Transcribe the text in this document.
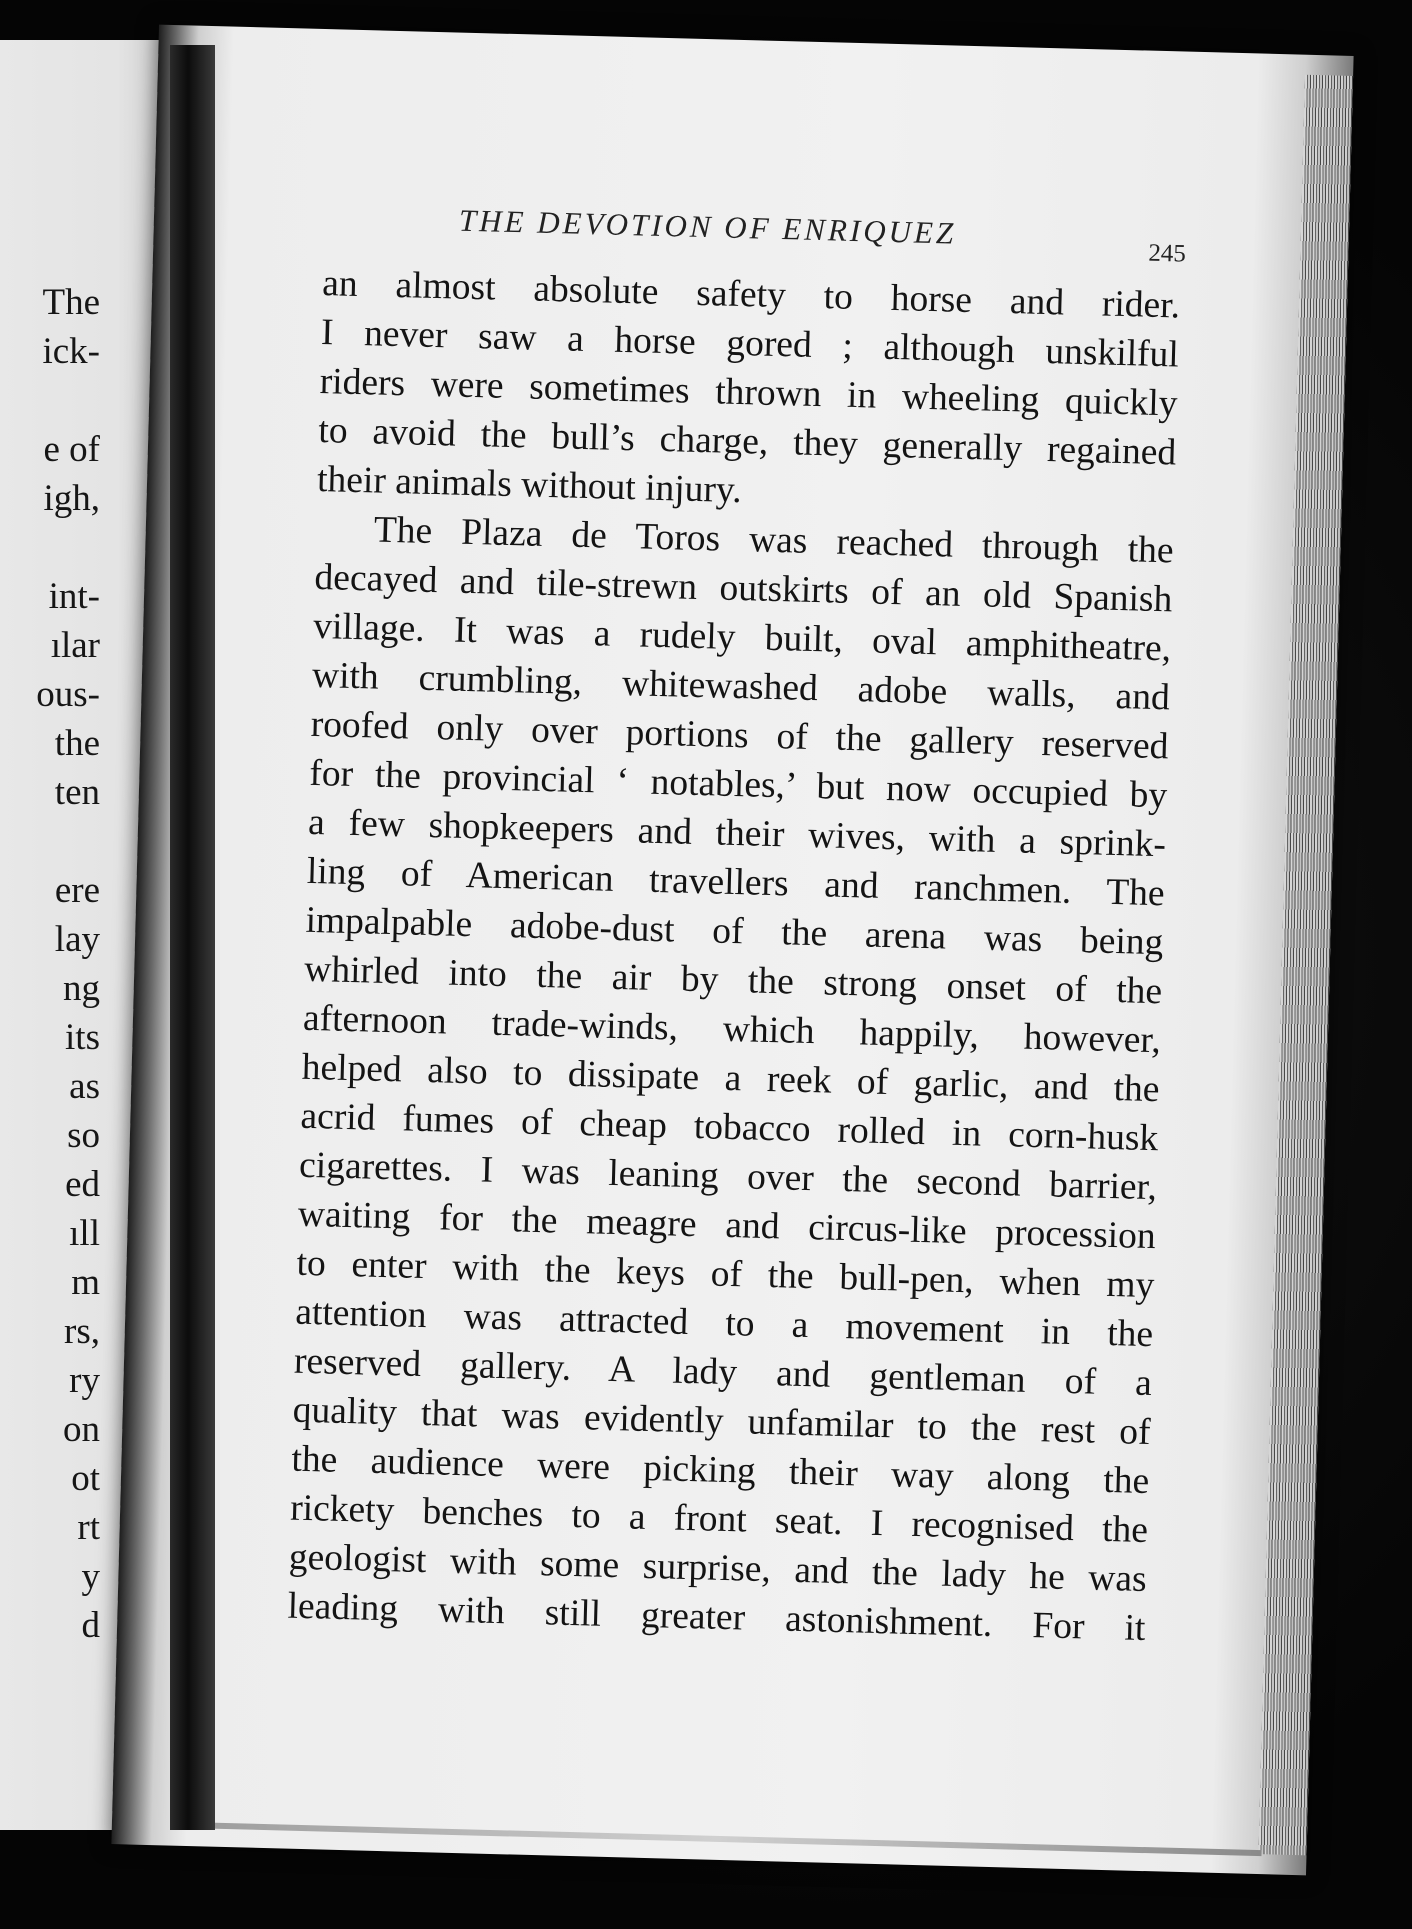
The
ick-
e of
igh,
int-
ılar
ous-
the
ten
ere
lay
ng
its
as
so
ed
ıll
m
rs,
ry
on
ot
rt
y
d
THE DEVOTION OF ENRIQUEZ
245
an almost absolute safety to horse and rider.
I never saw a horse gored ; although unskilful
riders were sometimes thrown in wheeling quickly
to avoid the bull’s charge, they generally regained
their animals without injury.
The Plaza de Toros was reached through the
decayed and tile-strewn outskirts of an old Spanish
village. It was a rudely built, oval amphitheatre,
with crumbling, whitewashed adobe walls, and
roofed only over portions of the gallery reserved
for the provincial ‘ notables,’ but now occupied by
a few shopkeepers and their wives, with a sprink-
ling of American travellers and ranchmen. The
impalpable adobe-dust of the arena was being
whirled into the air by the strong onset of the
afternoon trade-winds, which happily, however,
helped also to dissipate a reek of garlic, and the
acrid fumes of cheap tobacco rolled in corn-husk
cigarettes. I was leaning over the second barrier,
waiting for the meagre and circus-like procession
to enter with the keys of the bull-pen, when my
attention was attracted to a movement in the
reserved gallery. A lady and gentleman of a
quality that was evidently unfamilar to the rest of
the audience were picking their way along the
rickety benches to a front seat. I recognised the
geologist with some surprise, and the lady he was
leading with still greater astonishment. For it
